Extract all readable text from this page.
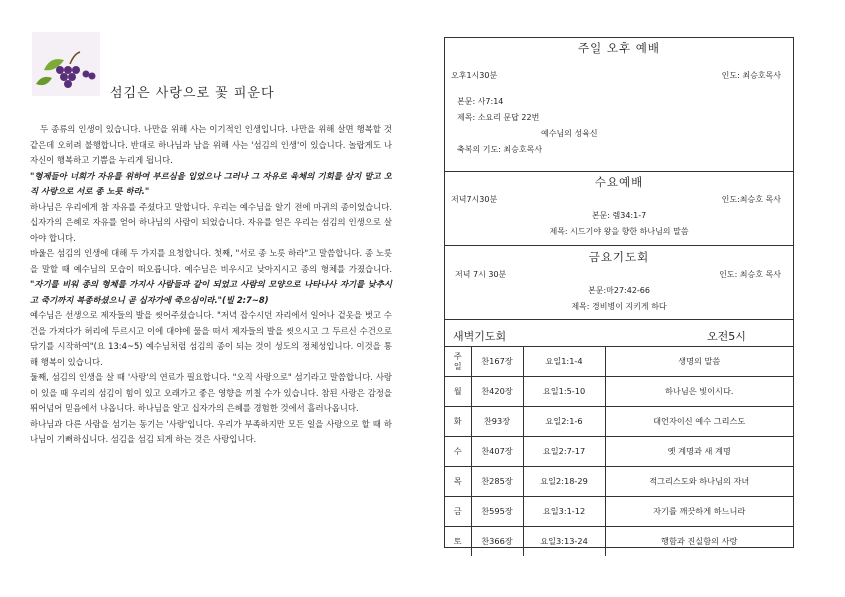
섬김은 사랑으로 꽃 피운다

두 종류의 인생이 있습니다. 나만을 위해 사는 이기적인 인생입니다. 나만을 위해 살면 행복할 것 같은데 오히려 불행합니다. 반대로 하나님과 남을 위해 사는 '섬김의 인생'이 있습니다. 놀랍게도 나 자신이 행복하고 기쁨을 누리게 됩니다.

"형제들아 너희가 자유를 위하여 부르심을 입었으나 그러나 그 자유로 육체의 기회를 삼지 말고 오직 사랑으로 서로 종 노릇 하라."

하나님은 우리에게 참 자유를 주셨다고 말합니다. 우리는 예수님을 알기 전에 마귀의 종이었습니다. 십자가의 은혜로 자유를 얻어 하나님의 사람이 되었습니다. 자유를 얻은 우리는 섬김의 인생으로 살아야 합니다.

바울은 섬김의 인생에 대해 두 가지를 요청합니다. 첫째, "서로 종 노릇 하라"고 말씀합니다. 종 노릇을 말할 때 예수님의 모습이 떠오릅니다. 예수님은 비우시고 낮아지시고 종의 형체를 가졌습니다. "자기를 비워 종의 형체를 가지사 사람들과 같이 되었고 사람의 모양으로 나타나사 자기를 낮추시고 죽기까지 복종하셨으니 곧 십자가에 죽으심이라."(빌 2:7~8)

예수님은 선생으로 제자들의 발을 씻어주셨습니다. "저녁 잡수시던 자리에서 일어나 겉옷을 벗고 수건을 가져다가 허리에 두르시고 이에 대야에 물을 떠서 제자들의 발을 씻으시고 그 두르신 수건으로 닦기를 시작하여"(요 13:4~5) 예수님처럼 섬김의 종이 되는 것이 성도의 정체성입니다. 이것을 통해 행복이 있습니다.

둘째, 섬김의 인생을 살 때 '사랑'의 연료가 필요합니다. "오직 사랑으로" 섬기라고 말씀합니다. 사랑이 있을 때 우리의 섬김이 힘이 있고 오래가고 좋은 영향을 끼칠 수가 있습니다. 참된 사랑은 감정을 뛰어넘어 믿음에서 나옵니다. 하나님을 알고 십자가의 은혜를 경험한 것에서 흘러나옵니다.

하나님과 다른 사람을 섬기는 동기는 '사랑'입니다. 우리가 부족하지만 모든 일을 사랑으로 할 때 하나님이 기뻐하십니다. 섬김을 섬김 되게 하는 것은 사랑입니다.

주일 오후 예배
오후1시30분	인도: 최승호목사
본문: 사7:14
제목: 소요리 문답 22번
예수님의 성육신
축복의 기도: 최승호목사
수요예배
저녁7시30분	인도:최승호 목사
본문: 렘34:1-7
제목: 시드기야 왕을 향한 하나님의 말씀
금요기도회
저녁 7시 30분	인도: 최승호 목사
본문:마27:42-66
제목: 경비병이 지키게 하다
새벽기도회	오전5시
주일	찬167장	요일1:1-4	생명의 말씀
월	찬420장	요일1:5-10	하나님은 빛이시다.
화	찬93장	요일2:1-6	대언자이신 예수 그리스도
수	찬407장	요일2:7-17	옛 계명과 새 계명
목	찬285장	요일2:18-29	적그리스도와 하나님의 자녀
금	찬595장	요일3:1-12	자기를 깨끗하게 하느니라
토	찬366장	요일3:13-24	행함과 진실함의 사랑
